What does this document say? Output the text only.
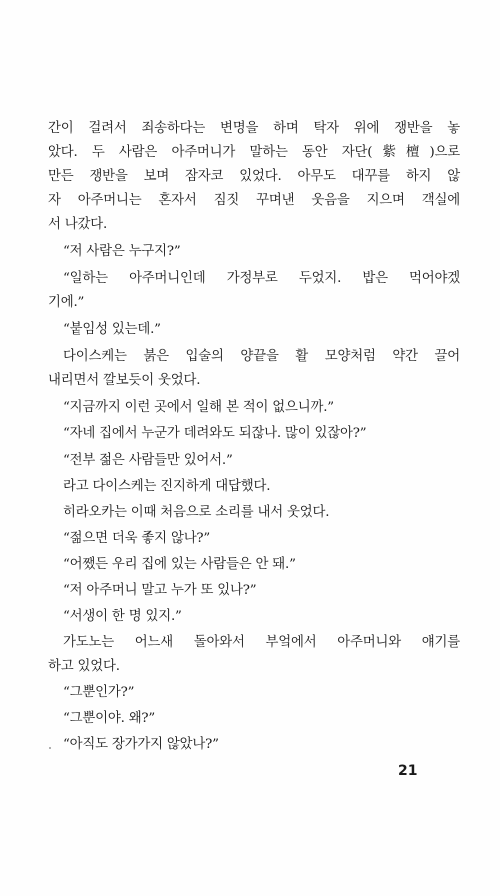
간이 걸려서 죄송하다는 변명을 하며 탁자 위에 쟁반을 놓
았다. 두 사람은 아주머니가 말하는 동안 자단(紫檀)으로
만든 쟁반을 보며 잠자코 있었다. 아무도 대꾸를 하지 않
자 아주머니는 혼자서 짐짓 꾸며낸 웃음을 지으며 객실에
서 나갔다.
“저 사람은 누구지?”
“일하는 아주머니인데 가정부로 두었지. 밥은 먹어야겠
기에.”
“붙임성 있는데.”
다이스케는 붉은 입술의 양끝을 활 모양처럼 약간 끌어
내리면서 깔보듯이 웃었다.
“지금까지 이런 곳에서 일해 본 적이 없으니까.”
“자네 집에서 누군가 데려와도 되잖나. 많이 있잖아?”
“전부 젊은 사람들만 있어서.”
라고 다이스케는 진지하게 대답했다.
히라오카는 이때 처음으로 소리를 내서 웃었다.
“젊으면 더욱 좋지 않나?”
“어쨌든 우리 집에 있는 사람들은 안 돼.”
“저 아주머니 말고 누가 또 있나?”
“서생이 한 명 있지.”
가도노는 어느새 돌아와서 부엌에서 아주머니와 얘기를
하고 있었다.
“그뿐인가?”
“그뿐이야. 왜?”
“아직도 장가가지 않았나?”
21
